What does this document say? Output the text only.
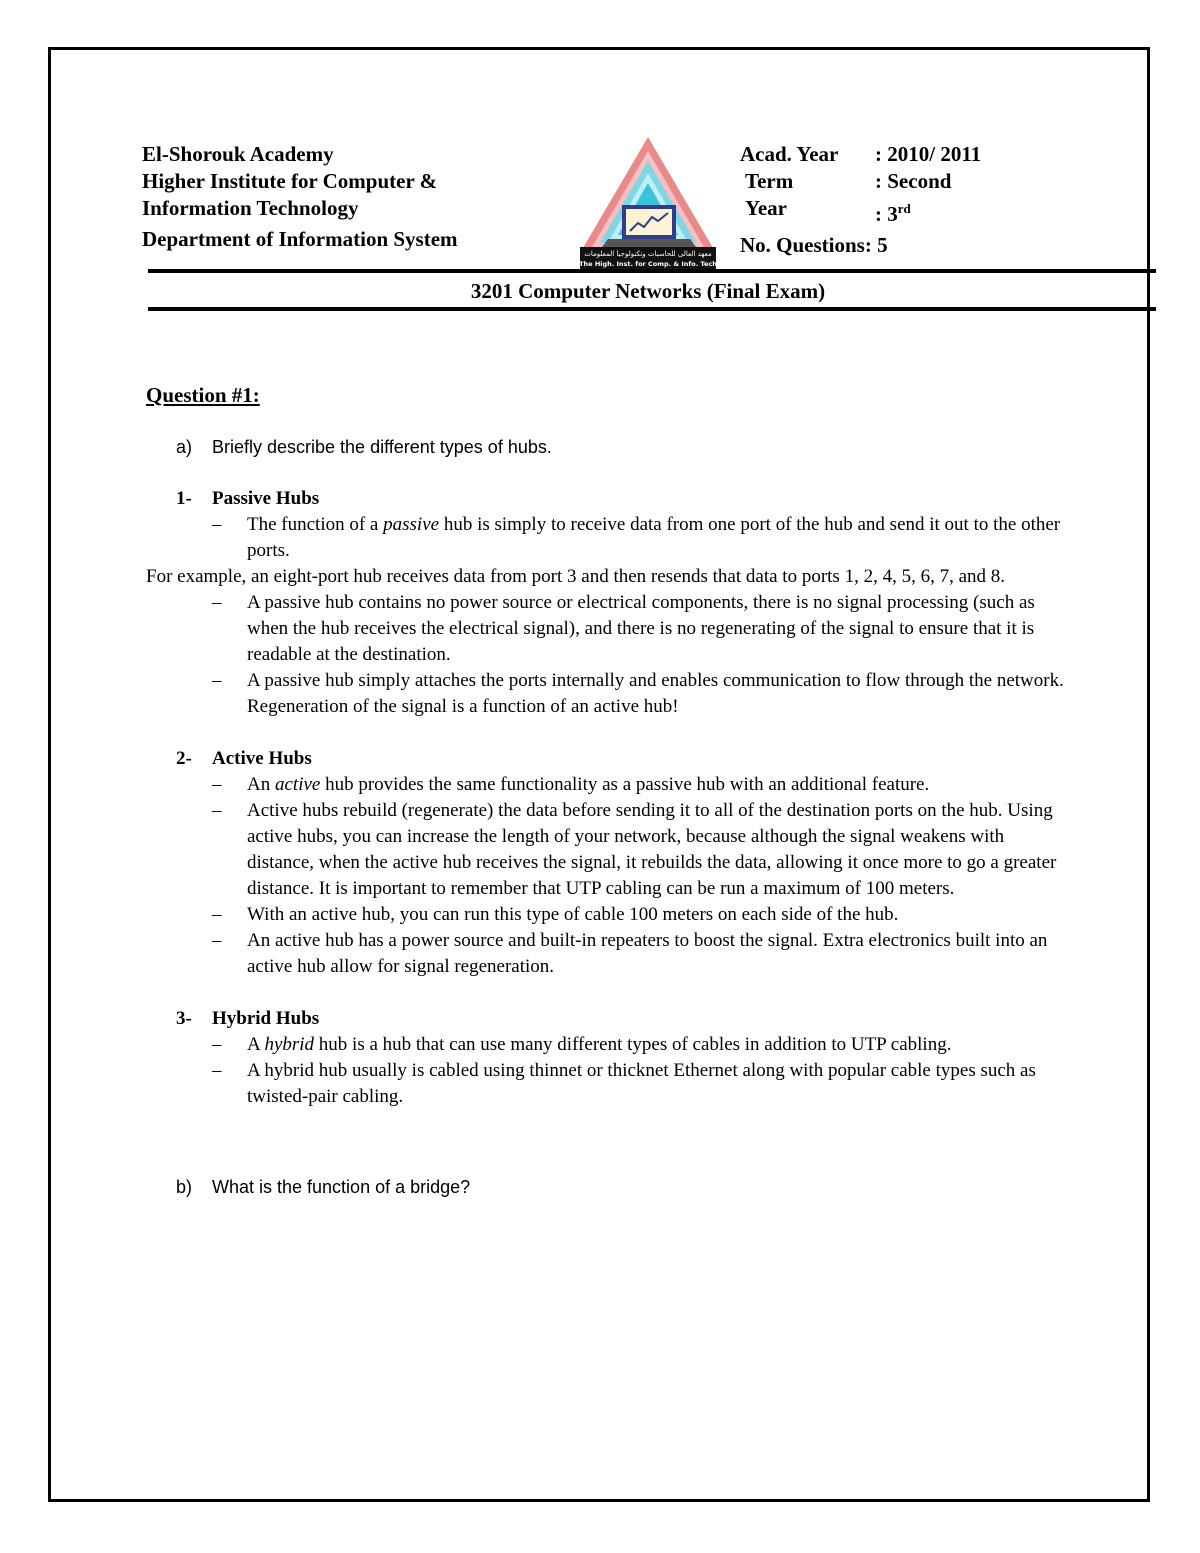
El-Shorouk Academy
Higher Institute for Computer &
Information Technology
Department of Information System
معهد العالى للحاسبات وتكنولوجيا المعلومات
The High. Inst. for Comp. & Info. Tech
Acad. Year	: 2010/ 2011
Term	: Second
Year	: 3rd
No. Questions : 5
3201 Computer Networks (Final Exam)
Question #1:
a) Briefly describe the different types of hubs.
1- Passive Hubs
– The function of a passive hub is simply to receive data from one port of the hub and send it out to the other ports.
For example, an eight-port hub receives data from port 3 and then resends that data to ports 1, 2, 4, 5, 6, 7, and 8.
– A passive hub contains no power source or electrical components, there is no signal processing (such as when the hub receives the electrical signal), and there is no regenerating of the signal to ensure that it is readable at the destination.
– A passive hub simply attaches the ports internally and enables communication to flow through the network. Regeneration of the signal is a function of an active hub!
2- Active Hubs
– An active hub provides the same functionality as a passive hub with an additional feature.
– Active hubs rebuild (regenerate) the data before sending it to all of the destination ports on the hub. Using active hubs, you can increase the length of your network, because although the signal weakens with distance, when the active hub receives the signal, it rebuilds the data, allowing it once more to go a greater distance. It is important to remember that UTP cabling can be run a maximum of 100 meters.
– With an active hub, you can run this type of cable 100 meters on each side of the hub.
– An active hub has a power source and built-in repeaters to boost the signal. Extra electronics built into an active hub allow for signal regeneration.
3- Hybrid Hubs
– A hybrid hub is a hub that can use many different types of cables in addition to UTP cabling.
– A hybrid hub usually is cabled using thinnet or thicknet Ethernet along with popular cable types such as twisted-pair cabling.
b) What is the function of a bridge?
